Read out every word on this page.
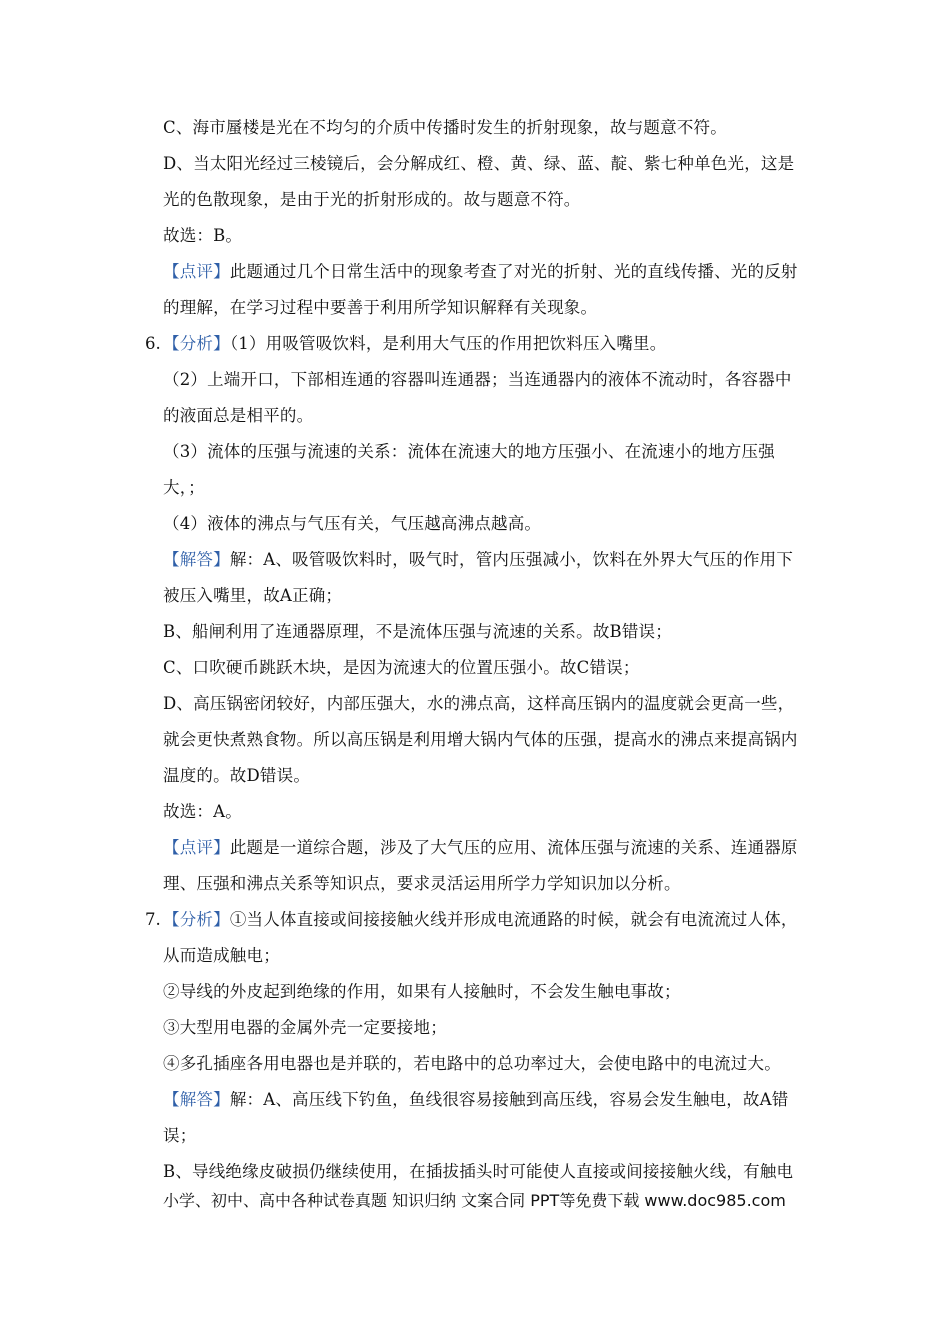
C、海市蜃楼是光在不均匀的介质中传播时发生的折射现象，故与题意不符。
D、当太阳光经过三棱镜后，会分解成红、橙、黄、绿、蓝、靛、紫七种单色光，这是
光的色散现象，是由于光的折射形成的。故与题意不符。
故选：B。
【点评】此题通过几个日常生活中的现象考查了对光的折射、光的直线传播、光的反射
的理解，在学习过程中要善于利用所学知识解释有关现象。
6. 【分析】（1）用吸管吸饮料，是利用大气压的作用把饮料压入嘴里。
（2）上端开口，下部相连通的容器叫连通器；当连通器内的液体不流动时，各容器中
的液面总是相平的。
（3）流体的压强与流速的关系：流体在流速大的地方压强小、在流速小的地方压强
大，；
（4）液体的沸点与气压有关，气压越高沸点越高。
【解答】解：A、吸管吸饮料时，吸气时，管内压强减小，饮料在外界大气压的作用下
被压入嘴里，故A正确；
B、船闸利用了连通器原理，不是流体压强与流速的关系。故B错误；
C、口吹硬币跳跃木块，是因为流速大的位置压强小。故C错误；
D、高压锅密闭较好，内部压强大，水的沸点高，这样高压锅内的温度就会更高一些，
就会更快煮熟食物。所以高压锅是利用增大锅内气体的压强，提高水的沸点来提高锅内
温度的。故D错误。
故选：A。
【点评】此题是一道综合题，涉及了大气压的应用、流体压强与流速的关系、连通器原
理、压强和沸点关系等知识点，要求灵活运用所学力学知识加以分析。
7. 【分析】①当人体直接或间接接触火线并形成电流通路的时候，就会有电流流过人体，
从而造成触电；
②导线的外皮起到绝缘的作用，如果有人接触时，不会发生触电事故；
③大型用电器的金属外壳一定要接地；
④多孔插座各用电器也是并联的，若电路中的总功率过大，会使电路中的电流过大。
【解答】解：A、高压线下钓鱼，鱼线很容易接触到高压线，容易会发生触电，故A错
误；
B、导线绝缘皮破损仍继续使用，在插拔插头时可能使人直接或间接接触火线，有触电
小学、初中、高中各种试卷真题 知识归纳 文案合同 PPT等免费下载 www.doc985.com
